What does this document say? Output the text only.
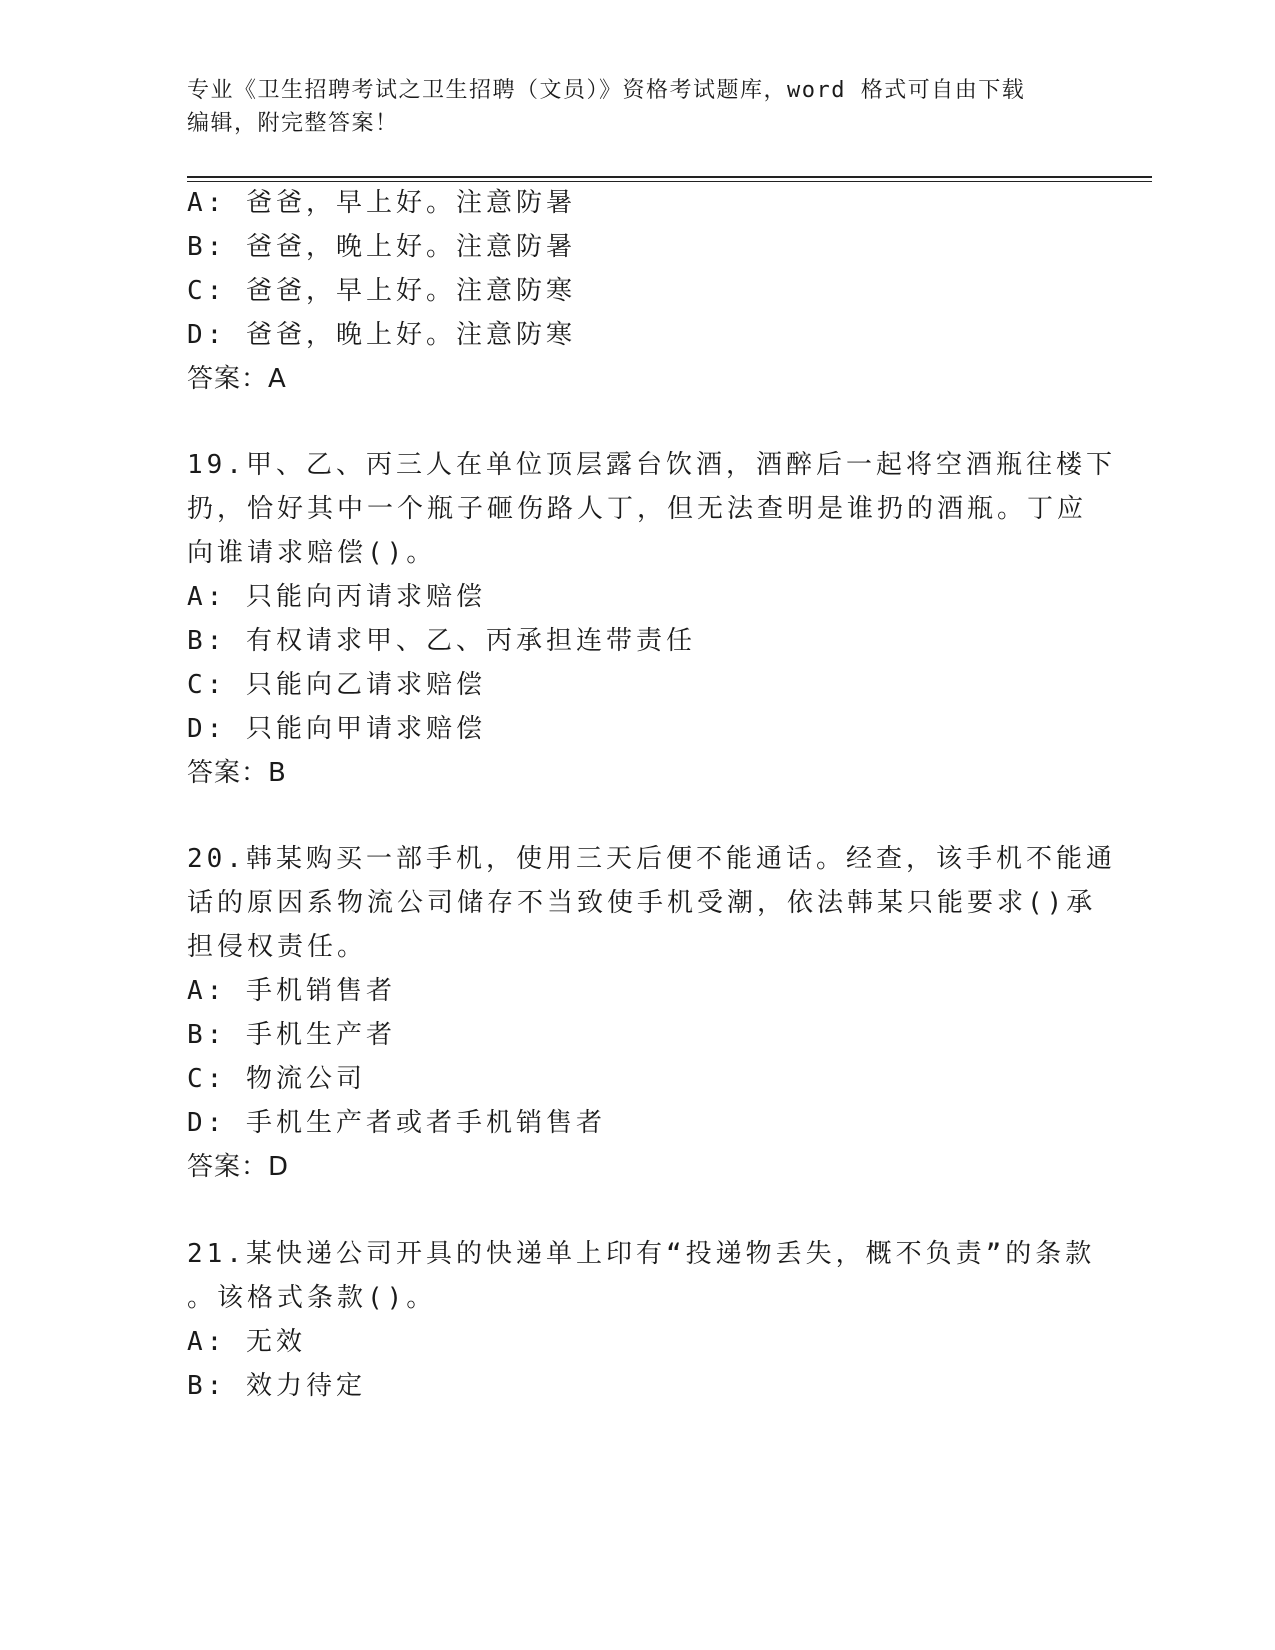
专业《卫生招聘考试之卫生招聘（文员）》资格考试题库，word 格式可自由下载
编辑，附完整答案！
A: 爸爸，早上好。注意防暑
B: 爸爸，晚上好。注意防暑
C: 爸爸，早上好。注意防寒
D: 爸爸，晚上好。注意防寒
答案：A
19.甲、乙、丙三人在单位顶层露台饮酒，酒醉后一起将空酒瓶往楼下
扔，恰好其中一个瓶子砸伤路人丁，但无法查明是谁扔的酒瓶。丁应
向谁请求赔偿()。
A: 只能向丙请求赔偿
B: 有权请求甲、乙、丙承担连带责任
C: 只能向乙请求赔偿
D: 只能向甲请求赔偿
答案：B
20.韩某购买一部手机，使用三天后便不能通话。经查，该手机不能通
话的原因系物流公司储存不当致使手机受潮，依法韩某只能要求()承
担侵权责任。
A: 手机销售者
B: 手机生产者
C: 物流公司
D: 手机生产者或者手机销售者
答案：D
21.某快递公司开具的快递单上印有“投递物丢失，概不负责”的条款
。该格式条款()。
A: 无效
B: 效力待定
